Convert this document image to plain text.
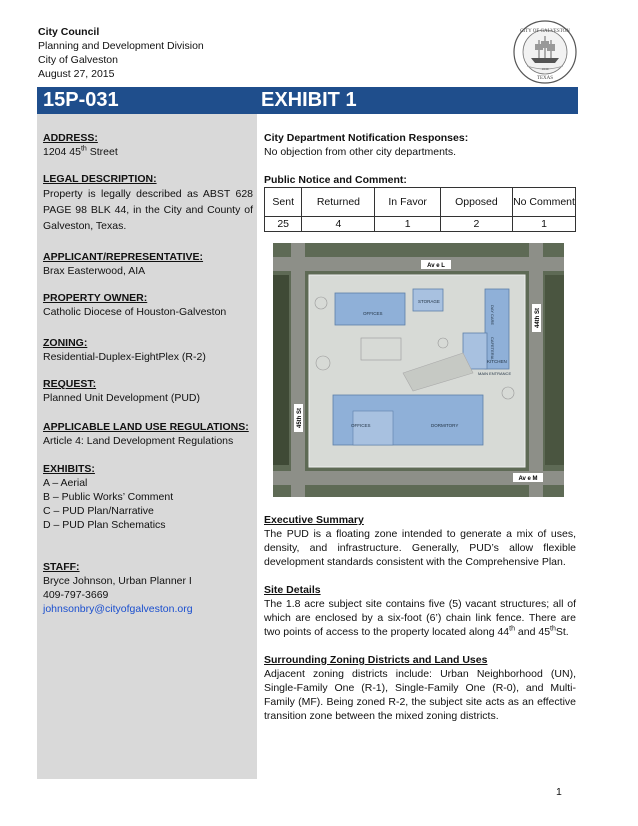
City Council
Planning and Development Division
City of Galveston
August 27, 2015
CITY OF GALVESTON
TEXAS
1839
15P-031	EXHIBIT 1
ADDRESS:
1204 45th Street
LEGAL DESCRIPTION:
Property is legally described as ABST 628 PAGE 98 BLK 44, in the City and County of Galveston, Texas.
APPLICANT/REPRESENTATIVE:
Brax Easterwood, AIA
PROPERTY OWNER:
Catholic Diocese of Houston-Galveston
ZONING:
Residential-Duplex-EightPlex (R-2)
REQUEST:
Planned Unit Development (PUD)
APPLICABLE LAND USE REGULATIONS:
Article 4: Land Development Regulations
EXHIBITS:
A – Aerial
B – Public Works’ Comment
C – PUD Plan/Narrative
D – PUD Plan Schematics
STAFF:
Bryce Johnson, Urban Planner I
409-797-3669
johnsonbry@cityofgalveston.org
City Department Notification Responses:
No objection from other city departments.
Public Notice and Comment:
Sent	Returned	In Favor	Opposed	No Comment
25	4	1	2	1
Av e L
Av e M
45th St
44th St
OFFICES
STORAGE
DAY CARE
CAFETERIA
KITCHEN
MAIN ENTRANCE
OFFICES	DORMITORY
Executive Summary
The PUD is a floating zone intended to generate a mix of uses, density, and infrastructure. Generally, PUD’s allow flexible development standards consistent with the Comprehensive Plan.
Site Details
The 1.8 acre subject site contains five (5) vacant structures; all of which are enclosed by a six-foot (6’) chain link fence. There are two points of access to the property located along 44th and 45thSt.
Surrounding Zoning Districts and Land Uses
Adjacent zoning districts include: Urban Neighborhood (UN), Single-Family One (R-1), Single-Family One (R-0), and Multi-Family (MF). Being zoned R-2, the subject site acts as an effective transition zone between the mixed zoning districts.
1
